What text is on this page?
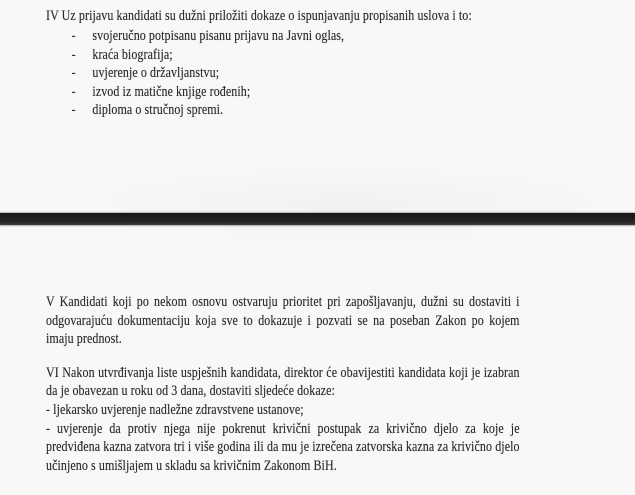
IV Uz prijavu kandidati su dužni priložiti dokaze o ispunjavanju propisanih uslova i to:

-	svojeručno potpisanu pisanu prijavu na Javni oglas,
-	kraća biografija;
-	uvjerenje o državljanstvu;
-	izvod iz matične knjige rođenih;
-	diploma o stručnoj spremi.

V Kandidati koji po nekom osnovu ostvaruju prioritet pri zapošljavanju, dužni su dostaviti i odgovarajuću dokumentaciju koja sve to dokazuje i pozvati se na poseban Zakon po kojem imaju prednost.

VI Nakon utvrđivanja liste uspješnih kandidata, direktor će obavijestiti kandidata koji je izabran da je obavezan u roku od 3 dana, dostaviti sljedeće dokaze:

- ljekarsko uvjerenje nadležne zdravstvene ustanove;

- uvjerenje da protiv njega nije pokrenut krivični postupak za krivično djelo za koje je predviđena kazna zatvora tri i više godina ili da mu je izrečena zatvorska kazna za krivično djelo učinjeno s umišljajem u skladu sa krivičnim Zakonom BiH.
